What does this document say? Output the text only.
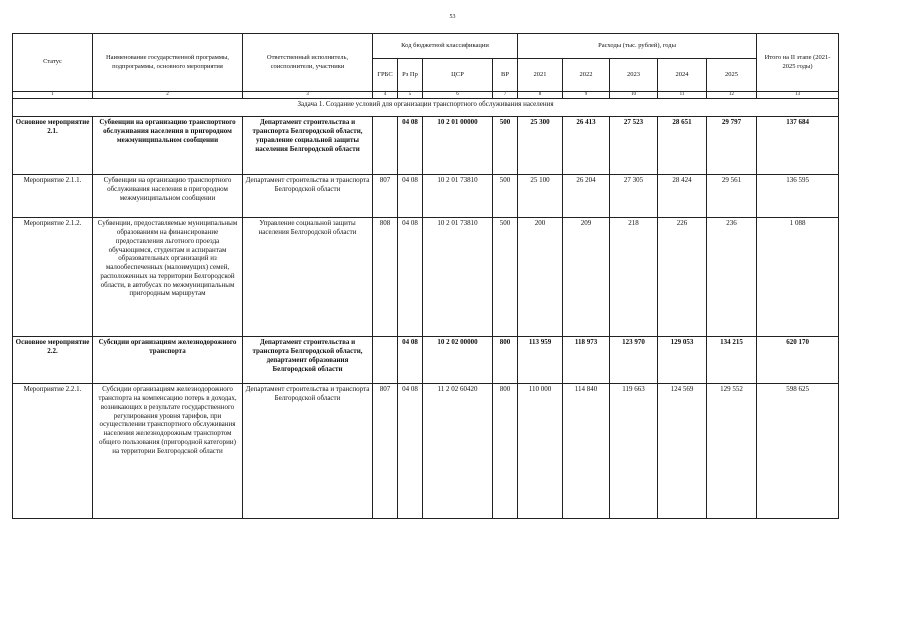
53
Статус	Наименование государственной программы, подпрограммы, основного мероприятия	Ответственный исполнитель, соисполнители, участники	Код бюджетной классификации				Расходы (тыс. рублей), годы					Итого на II этапе (2021-2025 годы)
			ГРБС	Рз Пр	ЦСР	ВР	2021	2022	2023	2024	2025	
1	2	3	4	5	6	7	8	9	10	11	12	13
Задача 1. Создание условий для организации транспортного обслуживания населения												
Основное мероприятие 2.1.	Субвенции на организацию транспортного обслуживания населения в пригородном межмуниципальном сообщении	Департамент строительства и транспорта Белгородской области, управление социальной защиты населения Белгородской области		04 08	10 2 01 00000	500	25 300	26 413	27 523	28 651	29 797	137 684
Мероприятие 2.1.1.	Субвенции на организацию транспортного обслуживания населения в пригородном межмуниципальном сообщении	Департамент строительства и транспорта Белгородской области	807	04 08	10 2 01 73810	500	25 100	26 204	27 305	28 424	29 561	136 595
Мероприятие 2.1.2.	Субвенции, предоставляемые муниципальным образованиям на финансирование предоставления льготного проезда обучающимся, студентам и аспирантам образовательных организаций из малообеспеченных (малоимущих) семей, расположенных на территории Белгородской области, в автобусах по межмуниципальным пригородным маршрутам	Управление социальной защиты населения Белгородской области	808	04 08	10 2 01 73810	500	200	209	218	226	236	1 088
Основное мероприятие 2.2.	Субсидии организациям железнодорожного транспорта	Департамент строительства и транспорта Белгородской области, департамент образования Белгородской области		04 08	10 2 02 00000	800	113 959	118 973	123 970	129 053	134 215	620 170
Мероприятие 2.2.1.	Субсидии организациям железнодорожного транспорта на компенсацию потерь в доходах, возникающих в результате государственного регулирования уровня тарифов, при осуществлении транспортного обслуживания населения железнодорожным транспортом общего пользования (пригородной категории) на территории Белгородской области	Департамент строительства и транспорта Белгородской области	807	04 08	11 2 02 60420	800	110 000	114 840	119 663	124 569	129 552	598 625
